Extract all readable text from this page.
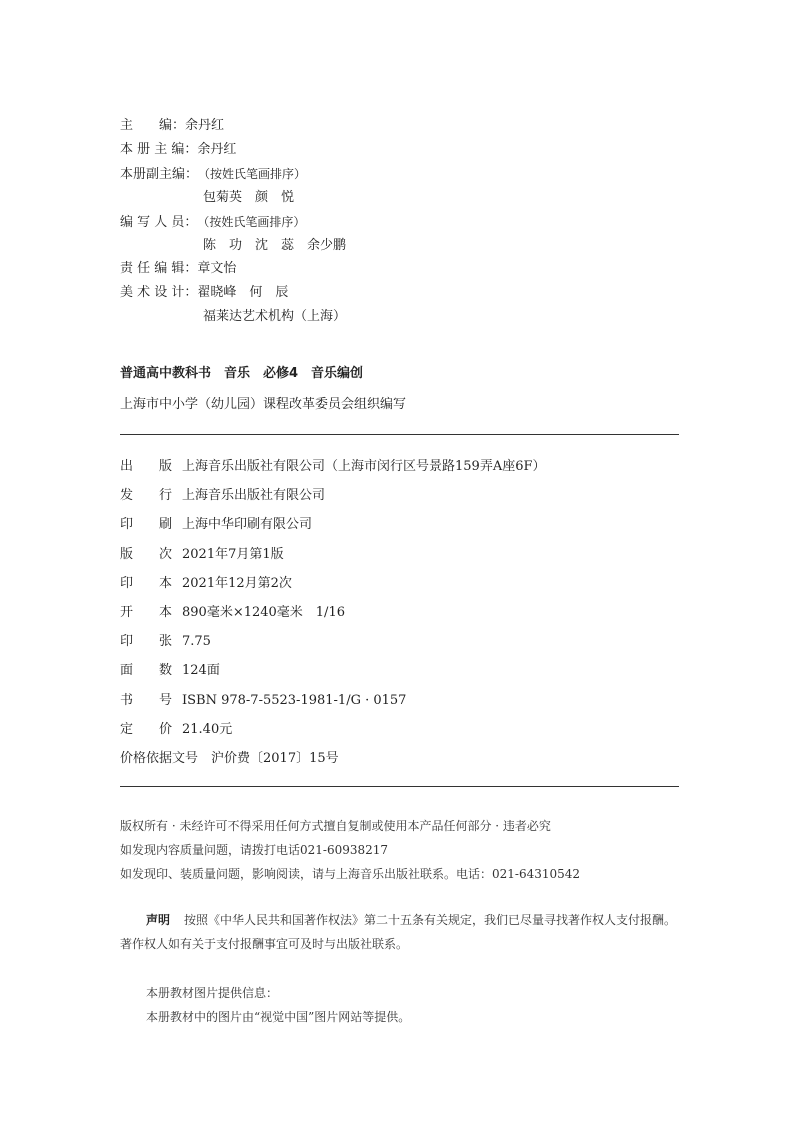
主　　编：余丹红
本 册 主 编：余丹红
本册副主编：（按姓氏笔画排序）
包菊英　颜　悦
编 写 人 员：（按姓氏笔画排序）
陈　功　沈　蕊　余少鹏
责 任 编 辑：章文怡
美 术 设 计：翟晓峰　何　辰
福莱达艺术机构（上海）
普通高中教科书　音乐　必修4　音乐编创
上海市中小学（幼儿园）课程改革委员会组织编写
出　　版 上海音乐出版社有限公司（上海市闵行区号景路159弄A座6F）
发　　行 上海音乐出版社有限公司
印　　刷 上海中华印刷有限公司
版　　次 2021年7月第1版
印　　本 2021年12月第2次
开　　本 890毫米×1240毫米　1/16
印　　张 7.75
面　　数 124面
书　　号 ISBN 978-7-5523-1981-1/G · 0157
定　　价 21.40元
价格依据文号　沪价费〔2017〕15号
版权所有 · 未经许可不得采用任何方式擅自复制或使用本产品任何部分 · 违者必究
如发现内容质量问题，请拨打电话021-60938217
如发现印、装质量问题，影响阅读，请与上海音乐出版社联系。电话：021-64310542
声明 按照《中华人民共和国著作权法》第二十五条有关规定，我们已尽量寻找著作权人支付报酬。
著作权人如有关于支付报酬事宜可及时与出版社联系。
本册教材图片提供信息：
本册教材中的图片由“视觉中国”图片网站等提供。
